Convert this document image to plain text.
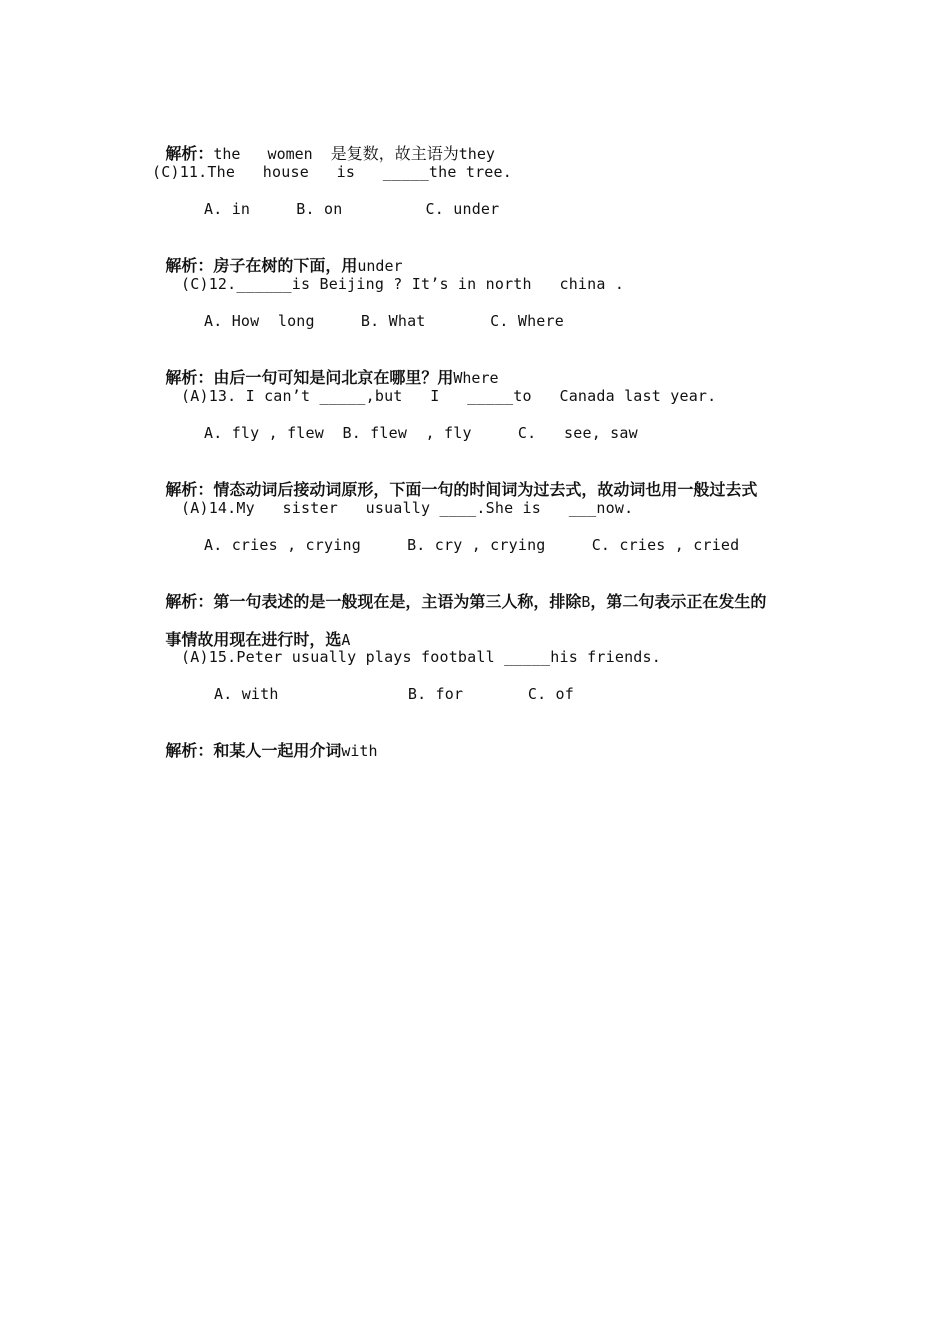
解析：the   women  是复数，故主语为they

(C)11.The   house   is   _____the tree.
A. in     B. on         C. under

解析：房子在树的下面，用under

(C)12.______is Beijing ? It’s in north   china .
A. How  long     B. What       C. Where

解析：由后一句可知是问北京在哪里？用Where

(A)13. I can’t _____,but   I   _____to   Canada last year.
A. fly , flew  B. flew  , fly     C.   see, saw

解析：情态动词后接动词原形，下面一句的时间词为过去式，故动词也用一般过去式

(A)14.My   sister   usually ____.She is   ___now.
A. cries , crying     B. cry , crying     C. cries , cried

解析：第一句表述的是一般现在是，主语为第三人称，排除B，第二句表示正在发生的

事情故用现在进行时，选A

(A)15.Peter usually plays football _____his friends.
A. with              B. for       C. of

解析：和某人一起用介词with
